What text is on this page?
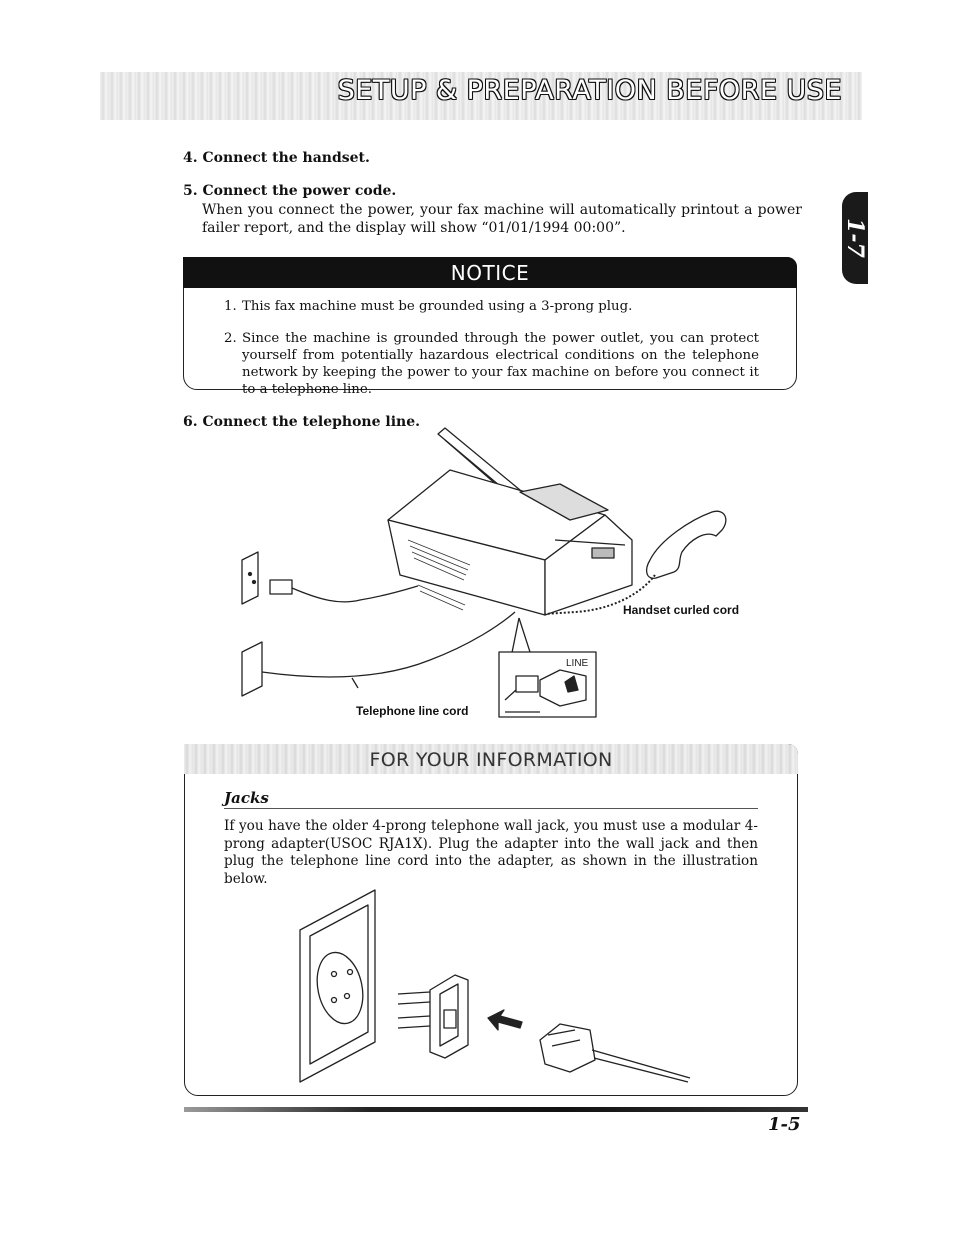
SETUP & PREPARATION BEFORE USE
1-7
4. Connect the handset.
5. Connect the power code.
When you connect the power, your fax machine will automatically printout a power failer report, and the display will show “01/01/1994 00:00”.
NOTICE
1. This fax machine must be grounded using a 3-prong plug.
2. Since the machine is grounded through the power outlet, you can protect yourself from potentially hazardous electrical conditions on the telephone network by keeping the power to your fax machine on before you connect it to a telephone line.
6. Connect the telephone line.
LINE
Handset curled cord
Telephone line cord
FOR YOUR INFORMATION
Jacks
If you have the older 4-prong telephone wall jack, you must use a modular 4-prong adapter(USOC RJA1X). Plug the adapter into the wall jack and then plug the telephone line cord into the adapter, as shown in the illustration below.
1-5
